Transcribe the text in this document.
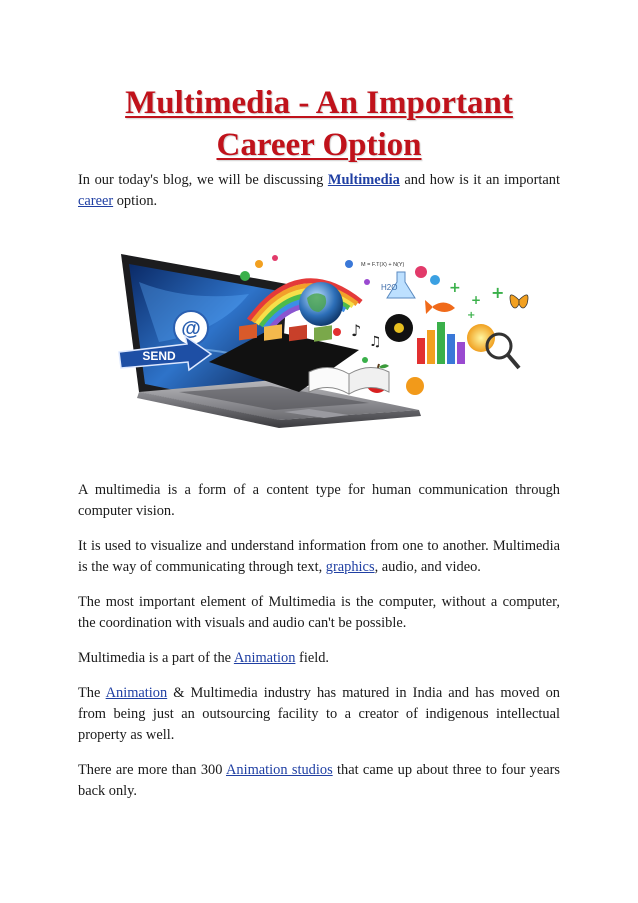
Multimedia - An Important
Career Option

In our today's blog, we will be discussing Multimedia and how is it an important career option.

@
SEND
M = F.T(X) + N(Y)
H2O
♪
♫
+
+ +
+

A multimedia is a form of a content type for human communication through computer vision.

It is used to visualize and understand information from one to another. Multimedia is the way of communicating through text, graphics, audio, and video.

The most important element of Multimedia is the computer, without a computer, the coordination with visuals and audio can't be possible.

Multimedia is a part of the Animation field.

The Animation & Multimedia industry has matured in India and has moved on from being just an outsourcing facility to a creator of indigenous intellectual property as well.

There are more than 300 Animation studios that came up about three to four years back only.
